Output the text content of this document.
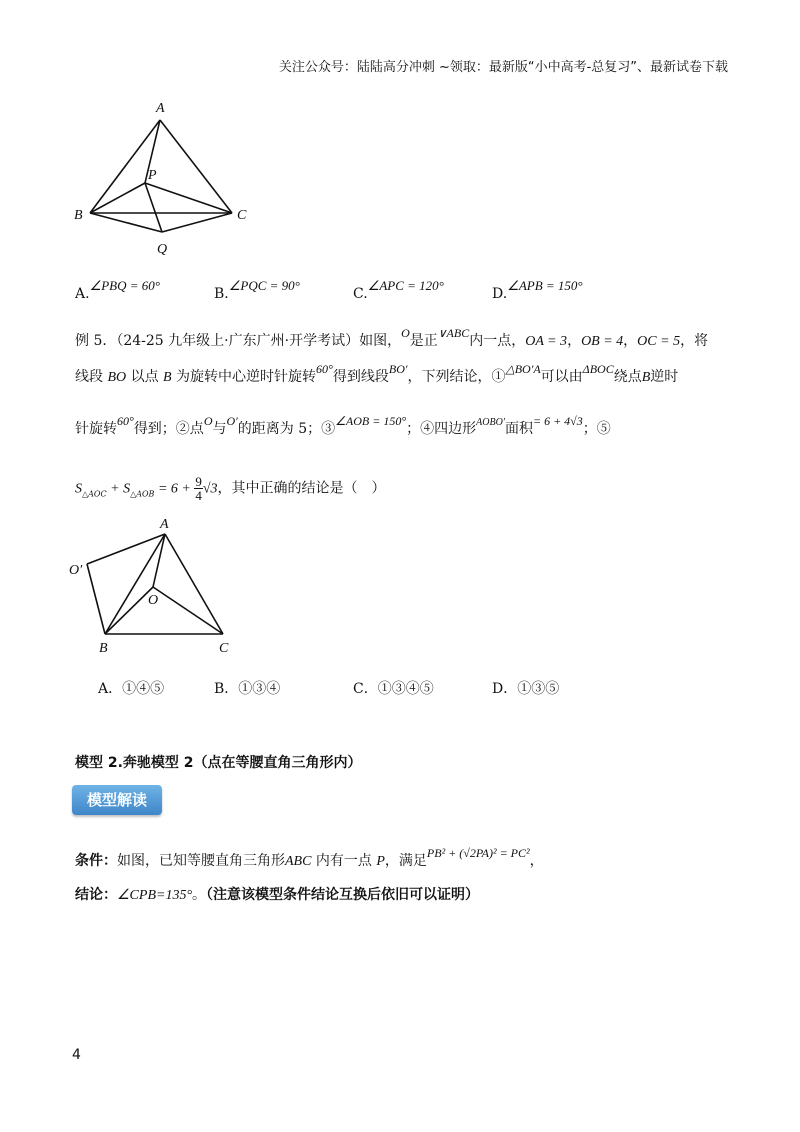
关注公众号：陆陆高分冲刺 ~领取：最新版“小中高考-总复习”、最新试卷下载
A
P
B	C
Q
A.∠PBQ = 60°
B.∠PQC = 90°
C.∠APC = 120°
D.∠APB = 150°
例 5．（24-25 九年级上·广东广州·开学考试）如图，O是正∨ABC内一点，OA = 3，OB = 4，OC = 5，将
线段 BO 以点 B 为旋转中心逆时针旋转60°得到线段BO′，下列结论，①△BO′A可以由ΔBOC绕点B逆时
针旋转60°得到；②点O与O′的距离为 5；③∠AOB = 150°；④四边形$^{AOBO'}$面积= 6 + 4√3；⑤
$S_{\triangle AOC} + S_{\triangle AOB} = 6 + \frac{9}{4} √3$，其中正确的结论是（　）
A
O′
O
B	C
A．①④⑤	B．①③④	C．①③④⑤	D．①③⑤
模型 2.奔驰模型 2（点在等腰直角三角形内）
模型解读
条件：如图，已知等腰直角三角形ABC 内有一点 P，满足PB² + (√2PA)² = PC²，
结论：∠CPB=135°。（注意该模型条件结论互换后依旧可以证明）
4
